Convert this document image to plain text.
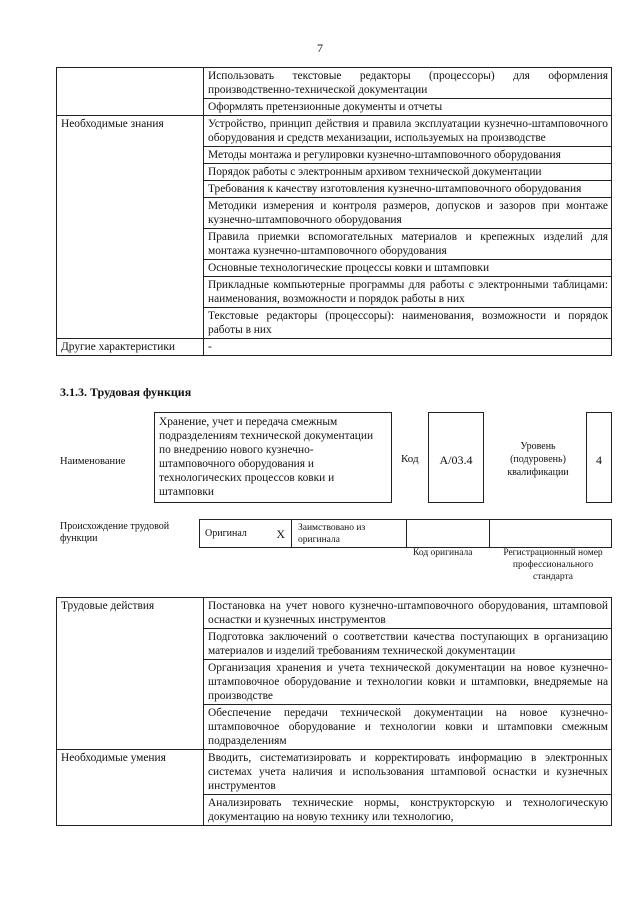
7
	Использовать текстовые редакторы (процессоры) для оформления производственно-технической документации
	Оформлять претензионные документы и отчеты
Необходимые знания	Устройство, принцип действия и правила эксплуатации кузнечно-штамповочного оборудования и средств механизации, используемых на производстве
	Методы монтажа и регулировки кузнечно-штамповочного оборудования
	Порядок работы с электронным архивом технической документации
	Требования к качеству изготовления кузнечно-штамповочного оборудования
	Методики измерения и контроля размеров, допусков и зазоров при монтаже кузнечно-штамповочного оборудования
	Правила приемки вспомогательных материалов и крепежных изделий для монтажа кузнечно-штамповочного оборудования
	Основные технологические процессы ковки и штамповки
	Прикладные компьютерные программы для работы с электронными таблицами: наименования, возможности и порядок работы в них
	Текстовые редакторы (процессоры): наименования, возможности и порядок работы в них
Другие характеристики	-
3.1.3. Трудовая функция
Наименование
Хранение, учет и передача смежным подразделениям технической документации по внедрению нового кузнечно-штамповочного оборудования и технологических процессов ковки и штамповки
Код	A/03.4
Уровень (подуровень) квалификации
4
Происхождение трудовой функции	Оригинал X	Заимствовано из оригинала
Код оригинала	Регистрационный номер профессионального стандарта
Трудовые действия	Постановка на учет нового кузнечно-штамповочного оборудования, штамповой оснастки и кузнечных инструментов
	Подготовка заключений о соответствии качества поступающих в организацию материалов и изделий требованиям технической документации
	Организация хранения и учета технической документации на новое кузнечно-штамповочное оборудование и технологии ковки и штамповки, внедряемые на производстве
	Обеспечение передачи технической документации на новое кузнечно-штамповочное оборудование и технологии ковки и штамповки смежным подразделениям
Необходимые умения	Вводить, систематизировать и корректировать информацию в электронных системах учета наличия и использования штамповой оснастки и кузнечных инструментов
	Анализировать технические нормы, конструкторскую и технологическую документацию на новую технику или технологию,
